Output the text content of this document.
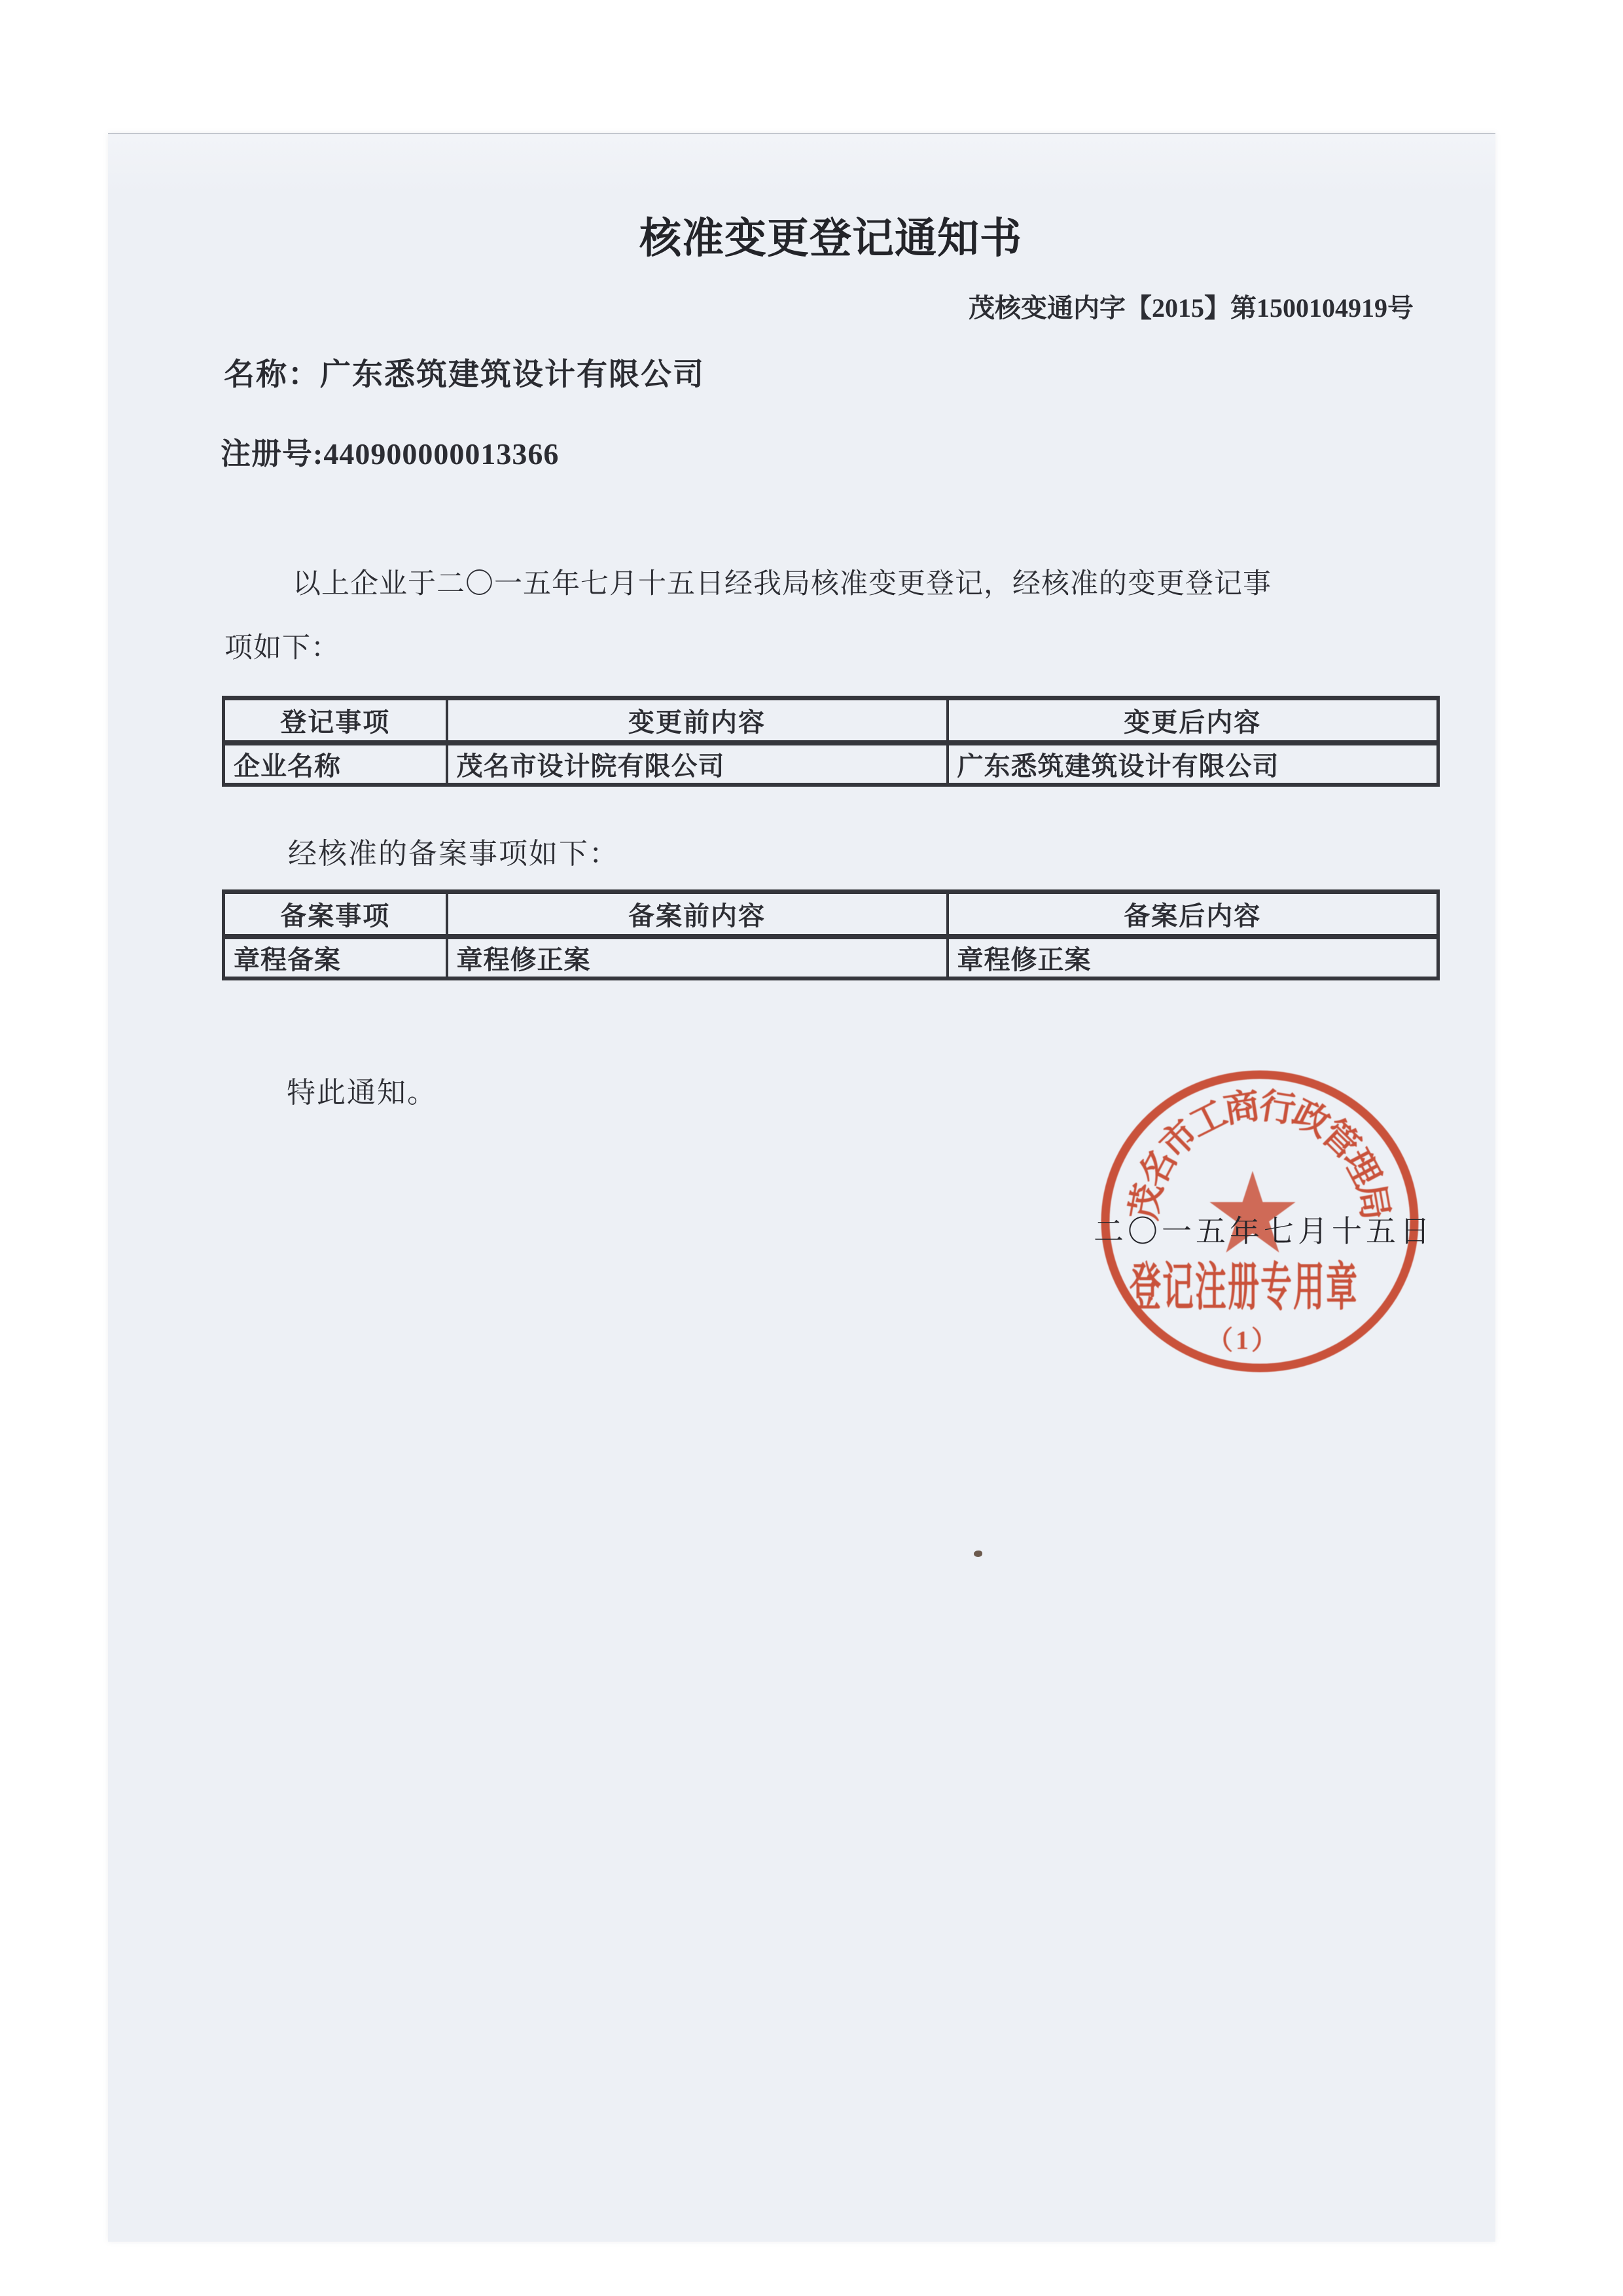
核准变更登记通知书
茂核变通内字【2015】第1500104919号
名称：广东悉筑建筑设计有限公司
注册号:440900000013366
以上企业于二〇一五年七月十五日经我局核准变更登记，经核准的变更登记事
项如下：
登记事项	变更前内容	变更后内容
企业名称	茂名市设计院有限公司	广东悉筑建筑设计有限公司
经核准的备案事项如下：
备案事项	备案前内容	备案后内容
章程备案	章程修正案	章程修正案
特此通知。
茂
名
市
工
商
行
政
管
理
局
登记注册专用章
（1）
二〇一五年七月十五日
